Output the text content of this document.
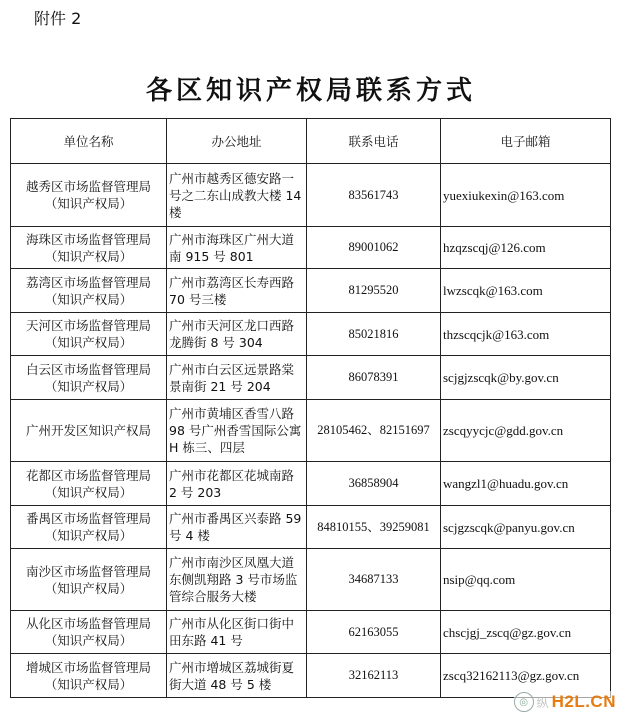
附件 2
各区知识产权局联系方式
单位名称	办公地址	联系电话	电子邮箱
越秀区市场监督管理局
（知识产权局）	广州市越秀区德安路一号之二东山成教大楼 14 楼	83561743	yuexiukexin@163.com
海珠区市场监督管理局
（知识产权局）	广州市海珠区广州大道南 915 号 801	89001062	hzqzscqj@126.com
荔湾区市场监督管理局
（知识产权局）	广州市荔湾区长寿西路 70 号三楼	81295520	lwzscqk@163.com
天河区市场监督管理局
（知识产权局）	广州市天河区龙口西路龙腾街 8 号 304	85021816	thzscqcjk@163.com
白云区市场监督管理局
（知识产权局）	广州市白云区远景路棠景南街 21 号 204	86078391	scjgjzscqk@by.gov.cn
广州开发区知识产权局	广州市黄埔区香雪八路 98 号广州香雪国际公寓 H 栋三、四层	28105462、82151697	zscqyycjc@gdd.gov.cn
花都区市场监督管理局
（知识产权局）	广州市花都区花城南路 2 号 203	36858904	wangzl1@huadu.gov.cn
番禺区市场监督管理局
（知识产权局）	广州市番禺区兴泰路 59 号 4 楼	84810155、39259081	scjgzscqk@panyu.gov.cn
南沙区市场监督管理局
（知识产权局）	广州市南沙区凤凰大道东侧凯翔路 3 号市场监管综合服务大楼	34687133	nsip@qq.com
从化区市场监督管理局
（知识产权局）	广州市从化区街口街中田东路 41 号	62163055	chscjgj_zscq@gz.gov.cn
增城区市场监督管理局
（知识产权局）	广州市增城区荔城街夏街大道 48 号 5 楼	32162113	zscq32162113@gz.gov.cn
◎ 纵 H2L.CN
